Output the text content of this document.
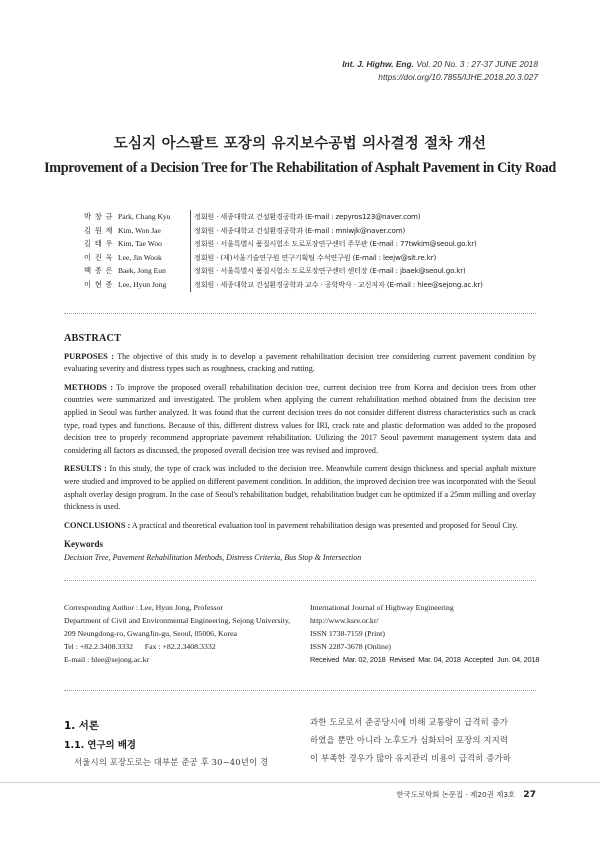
Int. J. Highw. Eng. Vol. 20 No. 3 : 27-37 JUNE 2018
https://doi.org/10.7855/IJHE.2018.20.3.027
도심지 아스팔트 포장의 유지보수공법 의사결정 절차 개선
Improvement of a Decision Tree for The Rehabilitation of Asphalt Pavement in City Road
박 창 규 Park, Chang Kyu	정회원 · 세종대학교 건설환경공학과 (E-mail : zepyros123@naver.com)
김 원 재 Kim, Won Jae	정회원 · 세종대학교 건설환경공학과 (E-mail : mniwjk@naver.com)
김 태 우 Kim, Tae Woo	정회원 · 서울특별시 품질시험소 도로포장연구센터 주무관 (E-mail : 77twkim@seoul.go.kr)
이 진 욱 Lee, Jin Wook	정회원 · (재)서울기술연구원 연구기획팀 수석연구원 (E-mail : leejw@sit.re.kr)
백 종 은 Baek, Jong Eun	정회원 · 서울특별시 품질시험소 도로포장연구센터 센터장 (E-mail : jbaek@seoul.go.kr)
이 현 종 Lee, Hyun Jong	정회원 · 세종대학교 건설환경공학과 교수 · 공학박사 · 교신저자 (E-mail : hlee@sejong.ac.kr)
ABSTRACT

PURPOSES : The objective of this study is to develop a pavement rehabilitation decision tree considering current pavement condition by evaluating severity and distress types such as roughness, cracking and rutting.

METHODS : To improve the proposed overall rehabilitation decision tree, current decision tree from Korea and decision trees from other countries were summarized and investigated. The problem when applying the current rehabilitation method obtained from the decision tree applied in Seoul was further analyzed. It was found that the current decision trees do not consider different distress characteristics such as crack type, road types and functions. Because of this, different distress values for IRI, crack rate and plastic deformation was added to the proposed decision tree to properly recommend appropriate pavement rehabilitation. Utilizing the 2017 Seoul pavement management system data and considering all factors as discussed, the proposed overall decision tree was revised and improved.

RESULTS : In this study, the type of crack was included to the decision tree. Meanwhile current design thickness and special asphalt mixture were studied and improved to be applied on different pavement condition. In addition, the improved decision tree was incorporated with the Seoul asphalt overlay design program. In the case of Seoul's rehabilitation budget, rehabilitation budget can be optimized if a 25mm milling and overlay thickness is used.

CONCLUSIONS : A practical and theoretical evaluation tool in pavement rehabilitation design was presented and proposed for Seoul City.

Keywords
Decision Tree, Pavement Rehabilitation Methods, Distress Criteria, Bus Stop & Intersection
Corresponding Author : Lee, Hyun Jong, Professor
Department of Civil and Environmental Engineering, Sejong University,
209 Neungdong-ro, GwangJin-gu, Seoul, 05006, Korea
Tel : +82.2.3408.3332      Fax : +82.2.3408.3332
E-mail : hlee@sejong.ac.kr
International Journal of Highway Engineering
http://www.ksre.or.kr/
ISSN 1738-7159 (Print)
ISSN 2287-3678 (Online)
Received  Mar. 02, 2018  Revised  Mar. 04, 2018  Accepted  Jun. 04, 2018
1. 서론
1.1. 연구의 배경
서울시의 포장도로는 대부분 준공 후 30~40년이 경
과한 도로로서 준공당시에 비해 교통량이 급격히 증가
하였을 뿐만 아니라 노후도가 심화되어 포장의 지지력
이 부족한 경우가 많아 유지관리 비용이 급격히 증가하
한국도로학회 논문집 · 제20권 제3호 27
